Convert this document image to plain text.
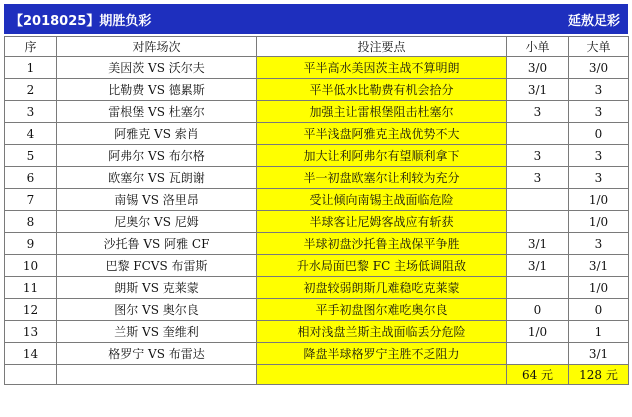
【2018025】期胜负彩	延敖足彩
序	对阵场次	投注要点	小单	大单
1	美因茨 VS 沃尔夫	平半高水美因茨主战不算明朗	3/0	3/0
2	比勒费 VS 德累斯	平半低水比勒费有机会拾分	3/1	3
3	雷根堡 VS 杜塞尔	加强主让雷根堡阻击杜塞尔	3	3
4	阿雅克 VS 索肖	平半浅盘阿雅克主战优势不大		0
5	阿弗尔 VS 布尔格	加大让利阿弗尔有望顺利拿下	3	3
6	欧塞尔 VS 瓦朗谢	半一初盘欧塞尔让利较为充分	3	3
7	南锡 VS 洛里昂	受让倾向南锡主战面临危险		1/0
8	尼奥尔 VS 尼姆	半球客让尼姆客战应有斩获		1/0
9	沙托鲁 VS 阿雅 CF	半球初盘沙托鲁主战保平争胜	3/1	3
10	巴黎 FCVS 布雷斯	升水局面巴黎 FC 主场低调阻敌	3/1	3/1
11	朗斯 VS 克莱蒙	初盘较弱朗斯几难稳吃克莱蒙		1/0
12	图尔 VS 奥尔良	平手初盘图尔难吃奥尔良	0	0
13	兰斯 VS 奎维利	相对浅盘兰斯主战面临丢分危险	1/0	1
14	格罗宁 VS 布雷达	降盘半球格罗宁主胜不乏阻力		3/1
			64 元	128 元
